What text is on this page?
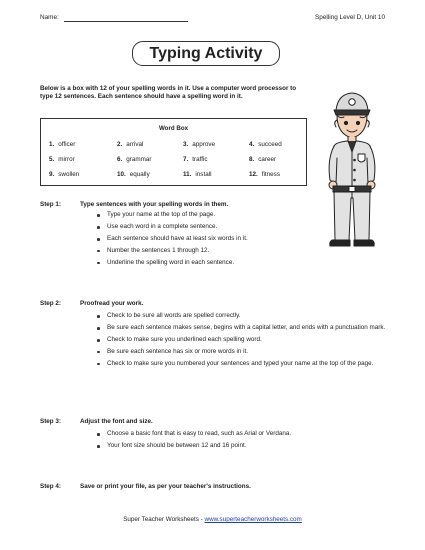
Name:	Spelling Level D, Unit 10
Typing Activity
Below is a box with 12 of your spelling words in it. Use a computer word processor to type 12 sentences. Each sentence should have a spelling word in it.
Word Box
1. officer	2. arrival	3. approve	4. succeed
5. mirror	6. grammar	7. traffic	8. career
9. swollen	10. equally	11. install	12. fitness
Step 1:	Type sentences with your spelling words in them.
Type your name at the top of the page.
Use each word in a complete sentence.
Each sentence should have at least six words in it.
Number the sentences 1 through 12.
Underline the spelling word in each sentence.
Step 2:	Proofread your work.
Check to be sure all words are spelled correctly.
Be sure each sentence makes sense, begins with a capital letter, and ends with a punctuation mark.
Check to make sure you underlined each spelling word.
Be sure each sentence has six or more words in it.
Check to make sure you numbered your sentences and typed your name at the top of the page.
Step 3:	Adjust the font and size.
Choose a basic font that is easy to read, such as Arial or Verdana.
Your font size should be between 12 and 16 point.
Step 4:	Save or print your file, as per your teacher's instructions.
Super Teacher Worksheets - www.superteacherworksheets.com
